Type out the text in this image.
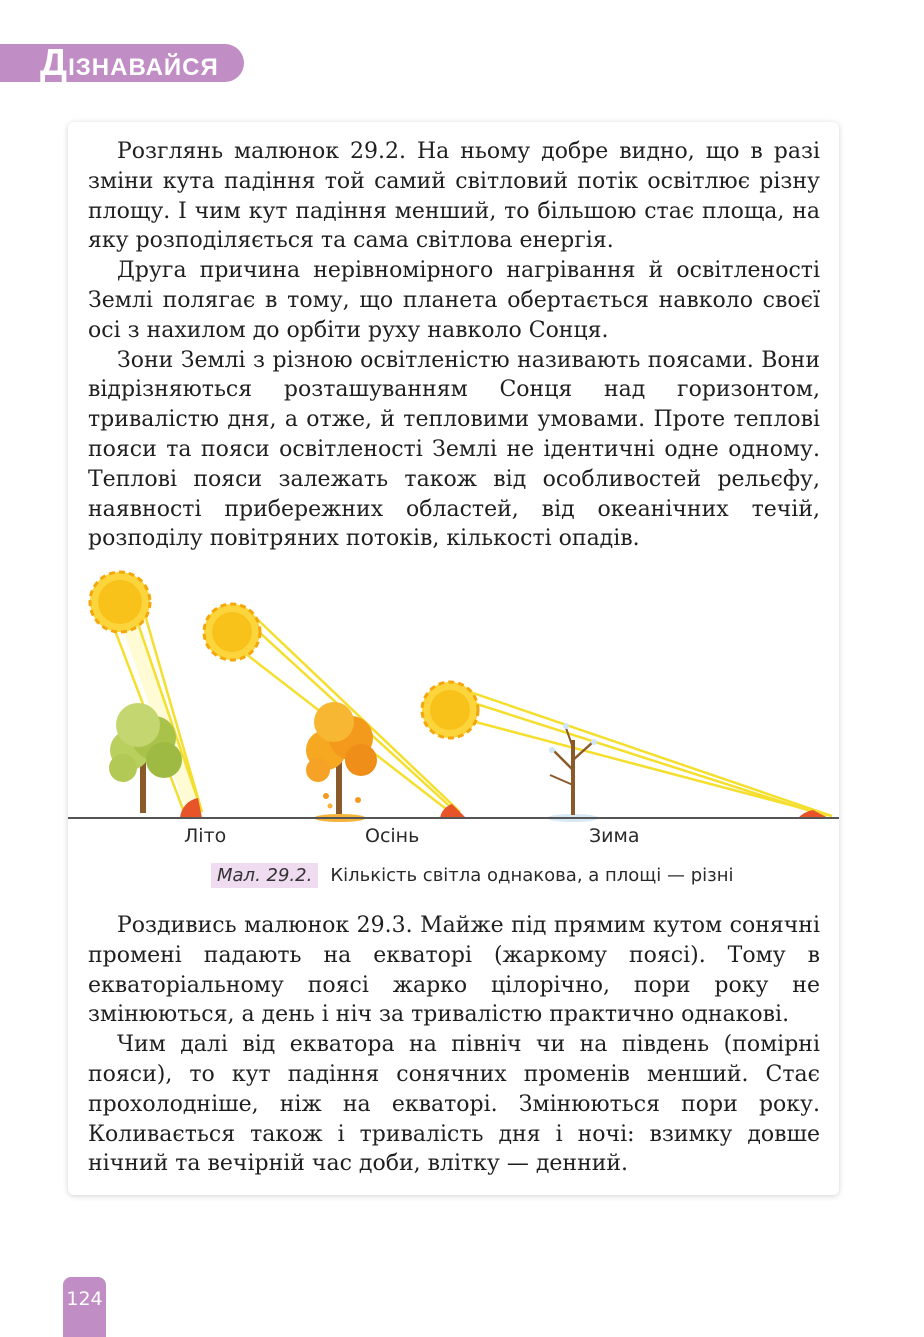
ДІЗНАВАЙСЯ

Розглянь малюнок 29.2. На ньому добре видно, що в разі зміни кута падіння той самий світловий потік освітлює різну площу. І чим кут падіння менший, то більшою стає площа, на яку розподіляється та сама світлова енергія.

Друга причина нерівномірного нагрівання й освітленості Землі полягає в тому, що планета обертається навколо своєї осі з нахилом до орбіти руху навколо Сонця.

Зони Землі з різною освітленістю називають поясами. Вони відрізняються розташуванням Сонця над горизонтом, тривалістю дня, а отже, й тепловими умовами. Проте теплові пояси та пояси освітленості Землі не ідентичні одне одному. Теплові пояси залежать також від особливостей рельєфу, наявності прибережних областей, від океанічних течій, розподілу повітряних потоків, кількості опадів.

Літо	Осінь	Зима
Мал. 29.2.	Кількість світла однакова, а площі — різні

Роздивись малюнок 29.3. Майже під прямим кутом сонячні промені падають на екваторі (жаркому поясі). Тому в екваторіальному поясі жарко цілорічно, пори року не змінюються, а день і ніч за тривалістю практично однакові.

Чим далі від екватора на північ чи на південь (помірні пояси), то кут падіння сонячних променів менший. Стає прохолодніше, ніж на екваторі. Змінюються пори року. Коливається також і тривалість дня і ночі: взимку довше нічний та вечірній час доби, влітку — денний.

124
